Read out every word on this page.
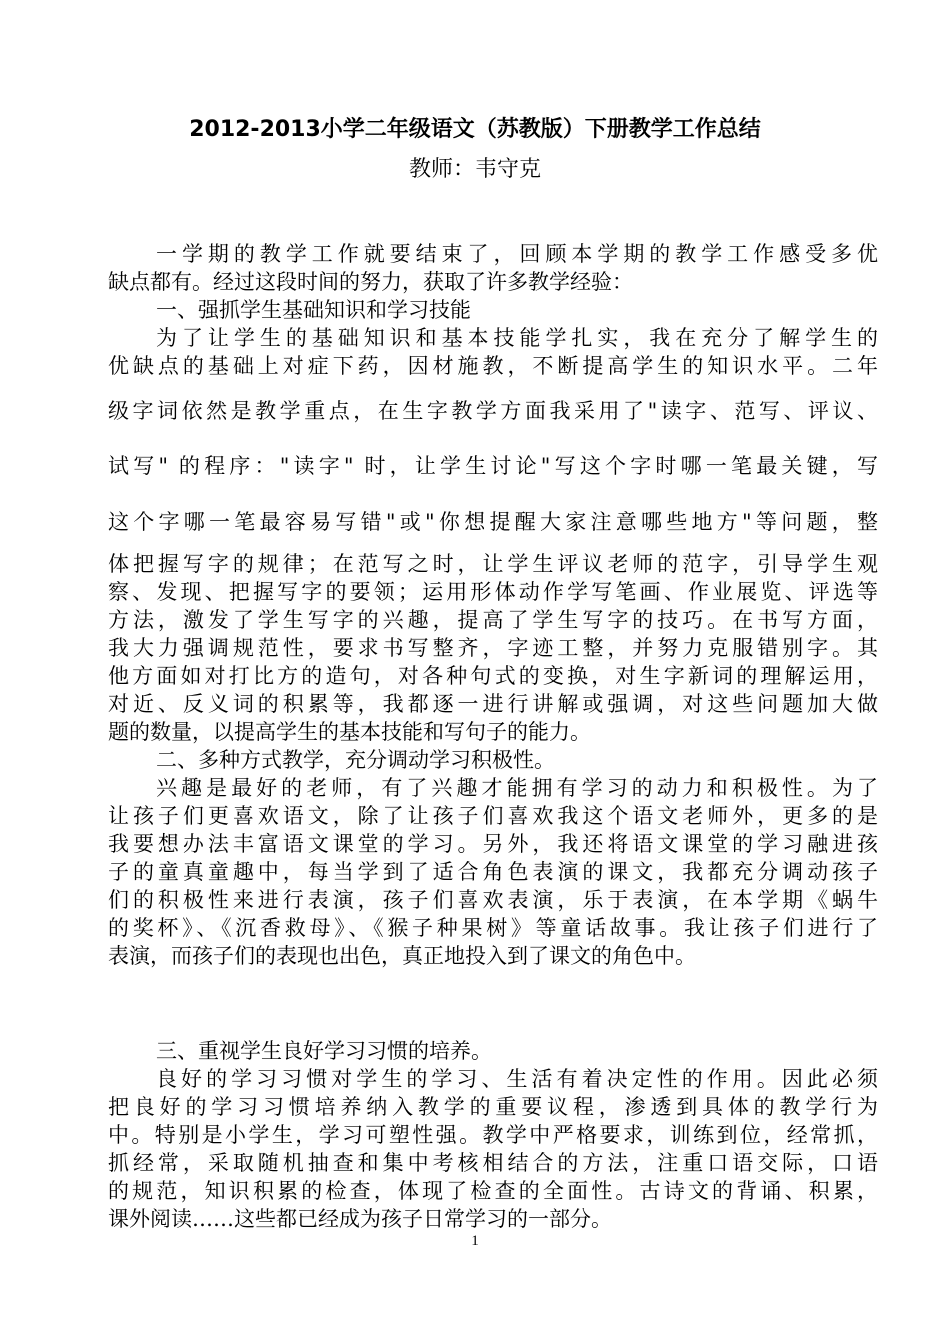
2012-2013小学二年级语文（苏教版）下册教学工作总结
教师：韦守克
一学期的教学工作就要结束了，回顾本学期的教学工作感受多优
缺点都有。经过这段时间的努力，获取了许多教学经验：
一、强抓学生基础知识和学习技能
为了让学生的基础知识和基本技能学扎实，我在充分了解学生的
优缺点的基础上对症下药，因材施教，不断提高学生的知识水平。二年
级字词依然是教学重点，在生字教学方面我采用了"读字、范写、评议、
试写" 的程序："读字" 时，让学生讨论"写这个字时哪一笔最关键，写
这个字哪一笔最容易写错"或"你想提醒大家注意哪些地方"等问题，整
体把握写字的规律；在范写之时，让学生评议老师的范字，引导学生观
察、发现、把握写字的要领；运用形体动作学写笔画、作业展览、评选等
方法，激发了学生写字的兴趣，提高了学生写字的技巧。在书写方面，
我大力强调规范性，要求书写整齐，字迹工整，并努力克服错别字。其
他方面如对打比方的造句，对各种句式的变换，对生字新词的理解运用，
对近、反义词的积累等，我都逐一进行讲解或强调，对这些问题加大做
题的数量，以提高学生的基本技能和写句子的能力。
二、多种方式教学，充分调动学习积极性。
兴趣是最好的老师，有了兴趣才能拥有学习的动力和积极性。为了
让孩子们更喜欢语文，除了让孩子们喜欢我这个语文老师外，更多的是
我要想办法丰富语文课堂的学习。另外，我还将语文课堂的学习融进孩
子的童真童趣中，每当学到了适合角色表演的课文，我都充分调动孩子
们的积极性来进行表演，孩子们喜欢表演，乐于表演，在本学期《蜗牛
的奖杯》、《沉香救母》、《猴子种果树》等童话故事。我让孩子们进行了
表演，而孩子们的表现也出色，真正地投入到了课文的角色中。
三、重视学生良好学习习惯的培养。
良好的学习习惯对学生的学习、生活有着决定性的作用。因此必须
把良好的学习习惯培养纳入教学的重要议程，渗透到具体的教学行为
中。特别是小学生，学习可塑性强。教学中严格要求，训练到位，经常抓，
抓经常，采取随机抽查和集中考核相结合的方法，注重口语交际，口语
的规范，知识积累的检查，体现了检查的全面性。古诗文的背诵、积累，
课外阅读……这些都已经成为孩子日常学习的一部分。
1
